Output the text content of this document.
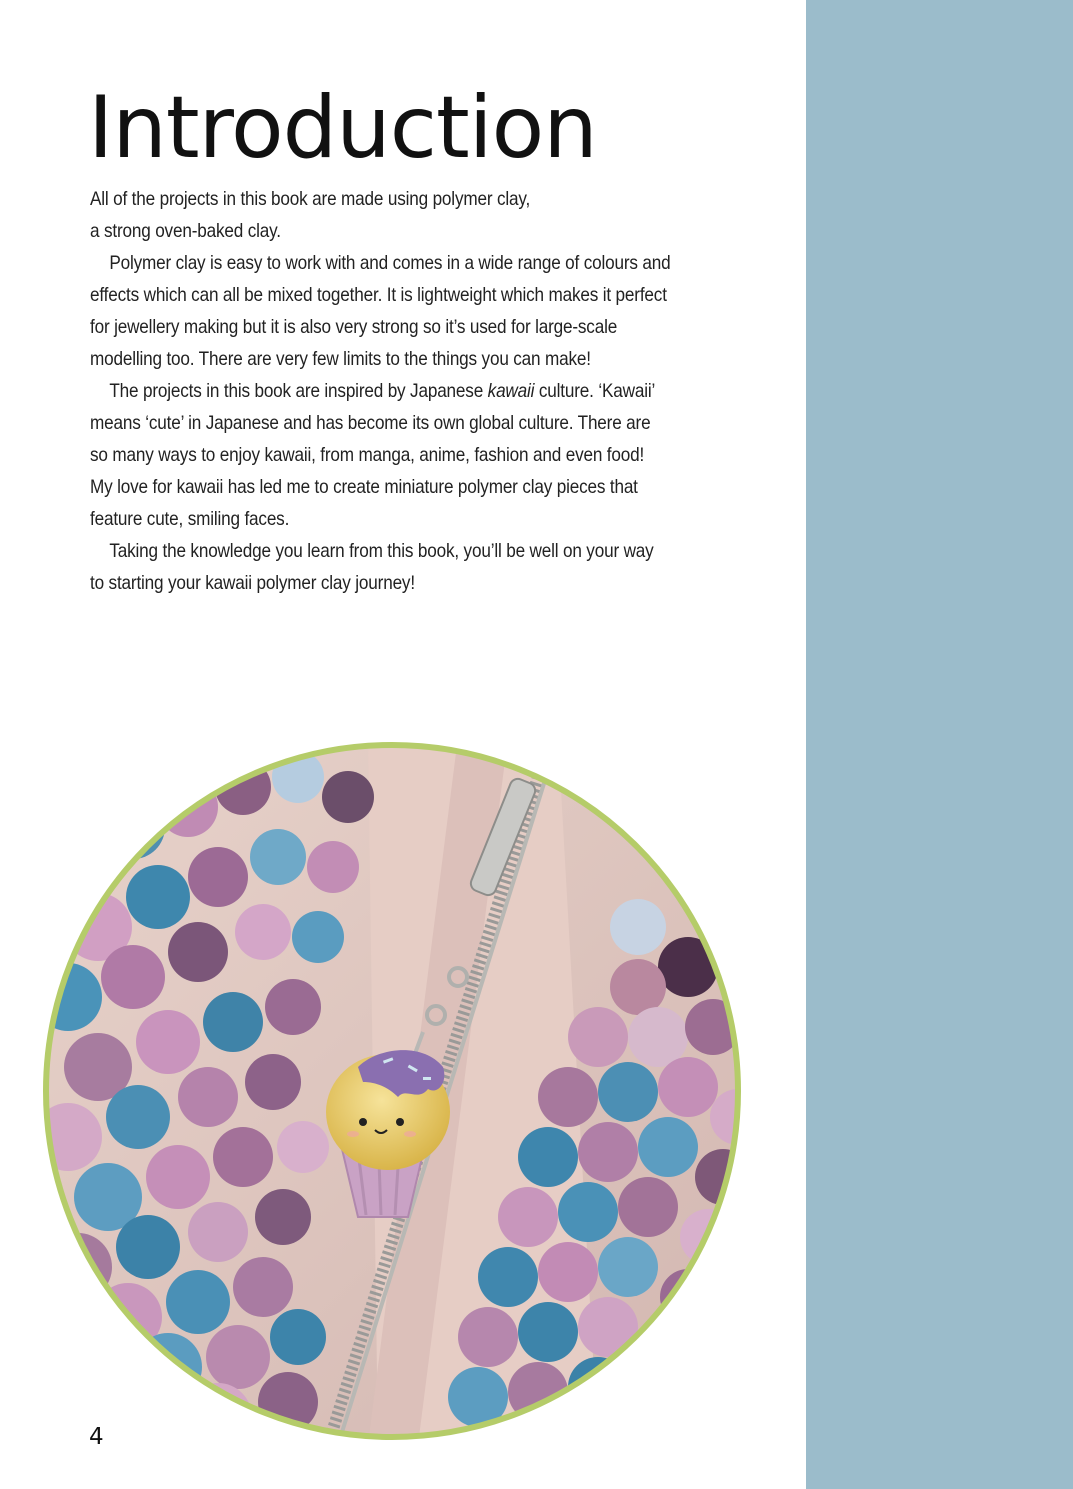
Introduction

All of the projects in this book are made using polymer clay,
a strong oven-baked clay.

Polymer clay is easy to work with and comes in a wide range of colours and effects which can all be mixed together. It is lightweight which makes it perfect for jewellery making but it is also very strong so it’s used for large-scale modelling too. There are very few limits to the things you can make!

The projects in this book are inspired by Japanese kawaii culture. ‘Kawaii’ means ‘cute’ in Japanese and has become its own global culture. There are so many ways to enjoy kawaii, from manga, anime, fashion and even food! My love for kawaii has led me to create miniature polymer clay pieces that feature cute, smiling faces.

Taking the knowledge you learn from this book, you’ll be well on your way to starting your kawaii polymer clay journey!

4
